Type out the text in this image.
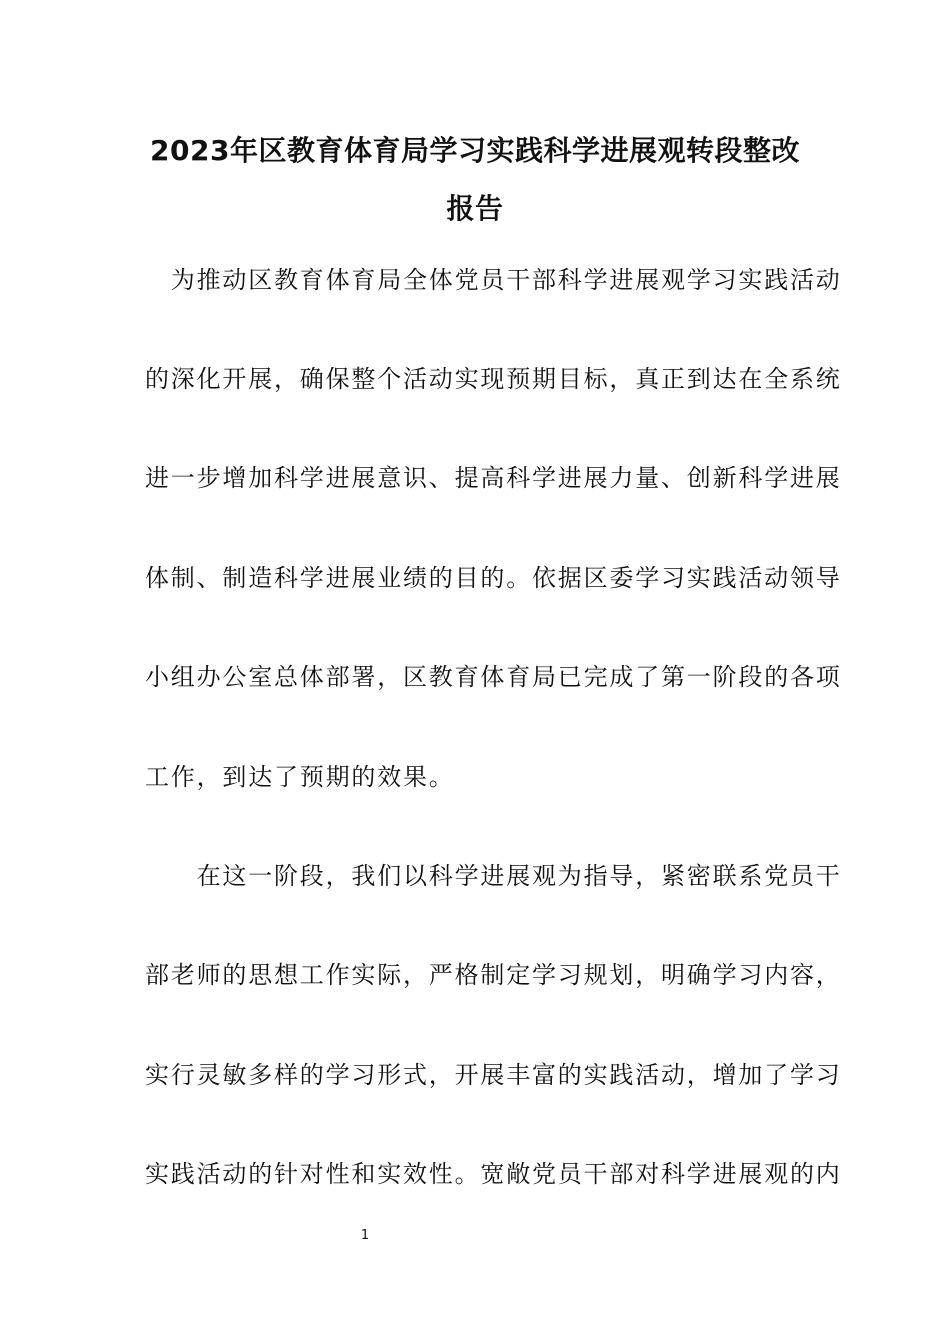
2023年区教育体育局学习实践科学进展观转段整改
报告
　为推动区教育体育局全体党员干部科学进展观学习实践活动
的深化开展，确保整个活动实现预期目标，真正到达在全系统
进一步增加科学进展意识、提高科学进展力量、创新科学进展
体制、制造科学进展业绩的目的。依据区委学习实践活动领导
小组办公室总体部署，区教育体育局已完成了第一阶段的各项
工作，到达了预期的效果。
　　在这一阶段，我们以科学进展观为指导，紧密联系党员干
部老师的思想工作实际，严格制定学习规划，明确学习内容，
实行灵敏多样的学习形式，开展丰富的实践活动，增加了学习
实践活动的针对性和实效性。宽敞党员干部对科学进展观的内
1
